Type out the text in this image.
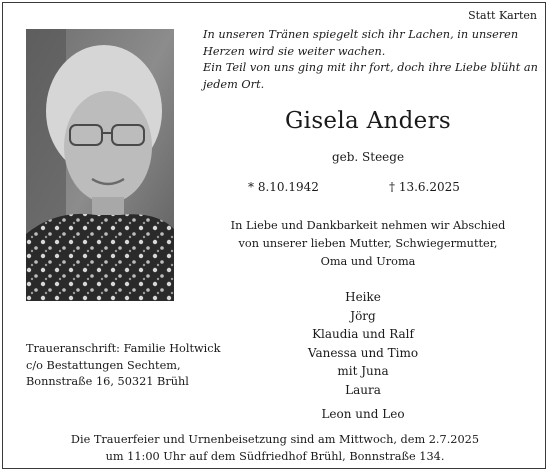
Statt Karten
In unseren Tränen spiegelt sich ihr Lachen, in unseren
Herzen wird sie weiter wachen.
Ein Teil von uns ging mit ihr fort, doch ihre Liebe blüht an
jedem Ort.
Gisela Anders
geb. Steege
* 8.10.1942	† 13.6.2025
In Liebe und Dankbarkeit nehmen wir Abschied
von unserer lieben Mutter, Schwiegermutter,
Oma und Uroma
Heike
Jörg
Klaudia und Ralf
Vanessa und Timo
mit Juna
Laura
Leon und Leo
Traueranschrift: Familie Holtwick
c/o Bestattungen Sechtem,
Bonnstraße 16, 50321 Brühl
Die Trauerfeier und Urnenbeisetzung sind am Mittwoch, dem 2.7.2025
um 11:00 Uhr auf dem Südfriedhof Brühl, Bonnstraße 134.
